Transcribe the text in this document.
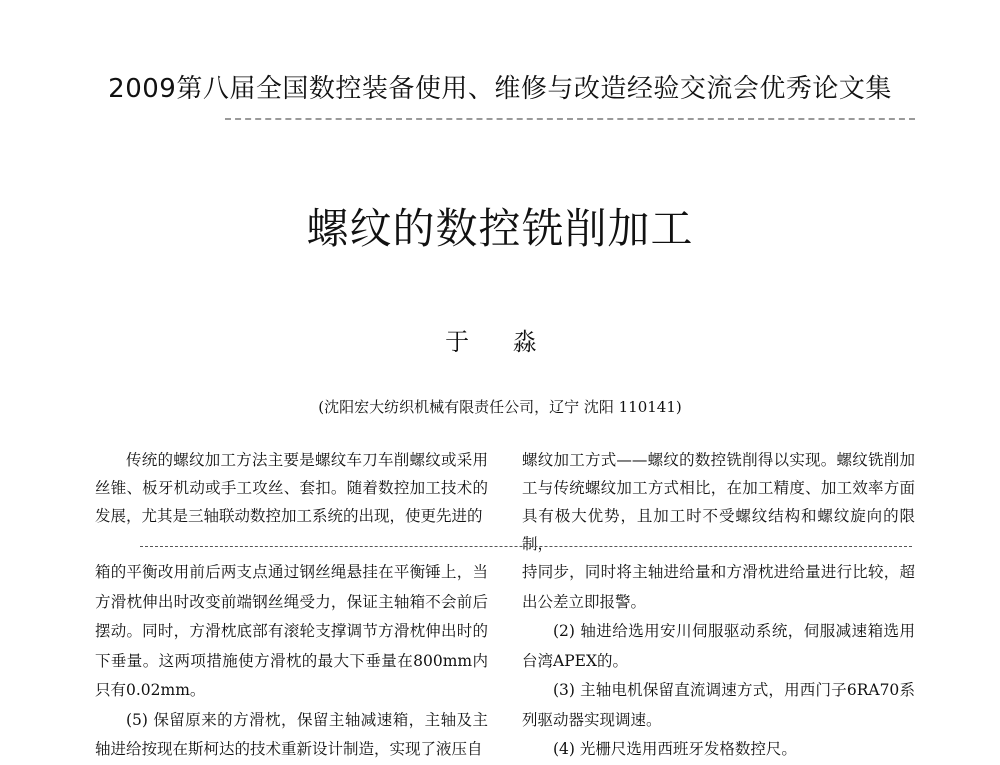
2009第八届全国数控装备使用、维修与改造经验交流会优秀论文集
螺纹的数控铣削加工
于 淼
(沈阳宏大纺织机械有限责任公司，辽宁 沈阳 110141)

传统的螺纹加工方法主要是螺纹车刀车削螺纹或采用丝锥、板牙机动或手工攻丝、套扣。随着数控加工技术的发展，尤其是三轴联动数控加工系统的出现，使更先进的

螺纹加工方式——螺纹的数控铣削得以实现。螺纹铣削加工与传统螺纹加工方式相比，在加工精度、加工效率方面具有极大优势，且加工时不受螺纹结构和螺纹旋向的限制，

箱的平衡改用前后两支点通过钢丝绳悬挂在平衡锤上，当方滑枕伸出时改变前端钢丝绳受力，保证主轴箱不会前后摆动。同时，方滑枕底部有滚轮支撑调节方滑枕伸出时的下垂量。这两项措施使方滑枕的最大下垂量在800mm内只有0.02mm。

(5) 保留原来的方滑枕，保留主轴减速箱，主轴及主轴进给按现在斯柯达的技术重新设计制造，实现了液压自

持同步，同时将主轴进给量和方滑枕进给量进行比较，超出公差立即报警。

(2) 轴进给选用安川伺服驱动系统，伺服减速箱选用台湾APEX的。

(3) 主轴电机保留直流调速方式，用西门子6RA70系列驱动器实现调速。

(4) 光栅尺选用西班牙发格数控尺。
